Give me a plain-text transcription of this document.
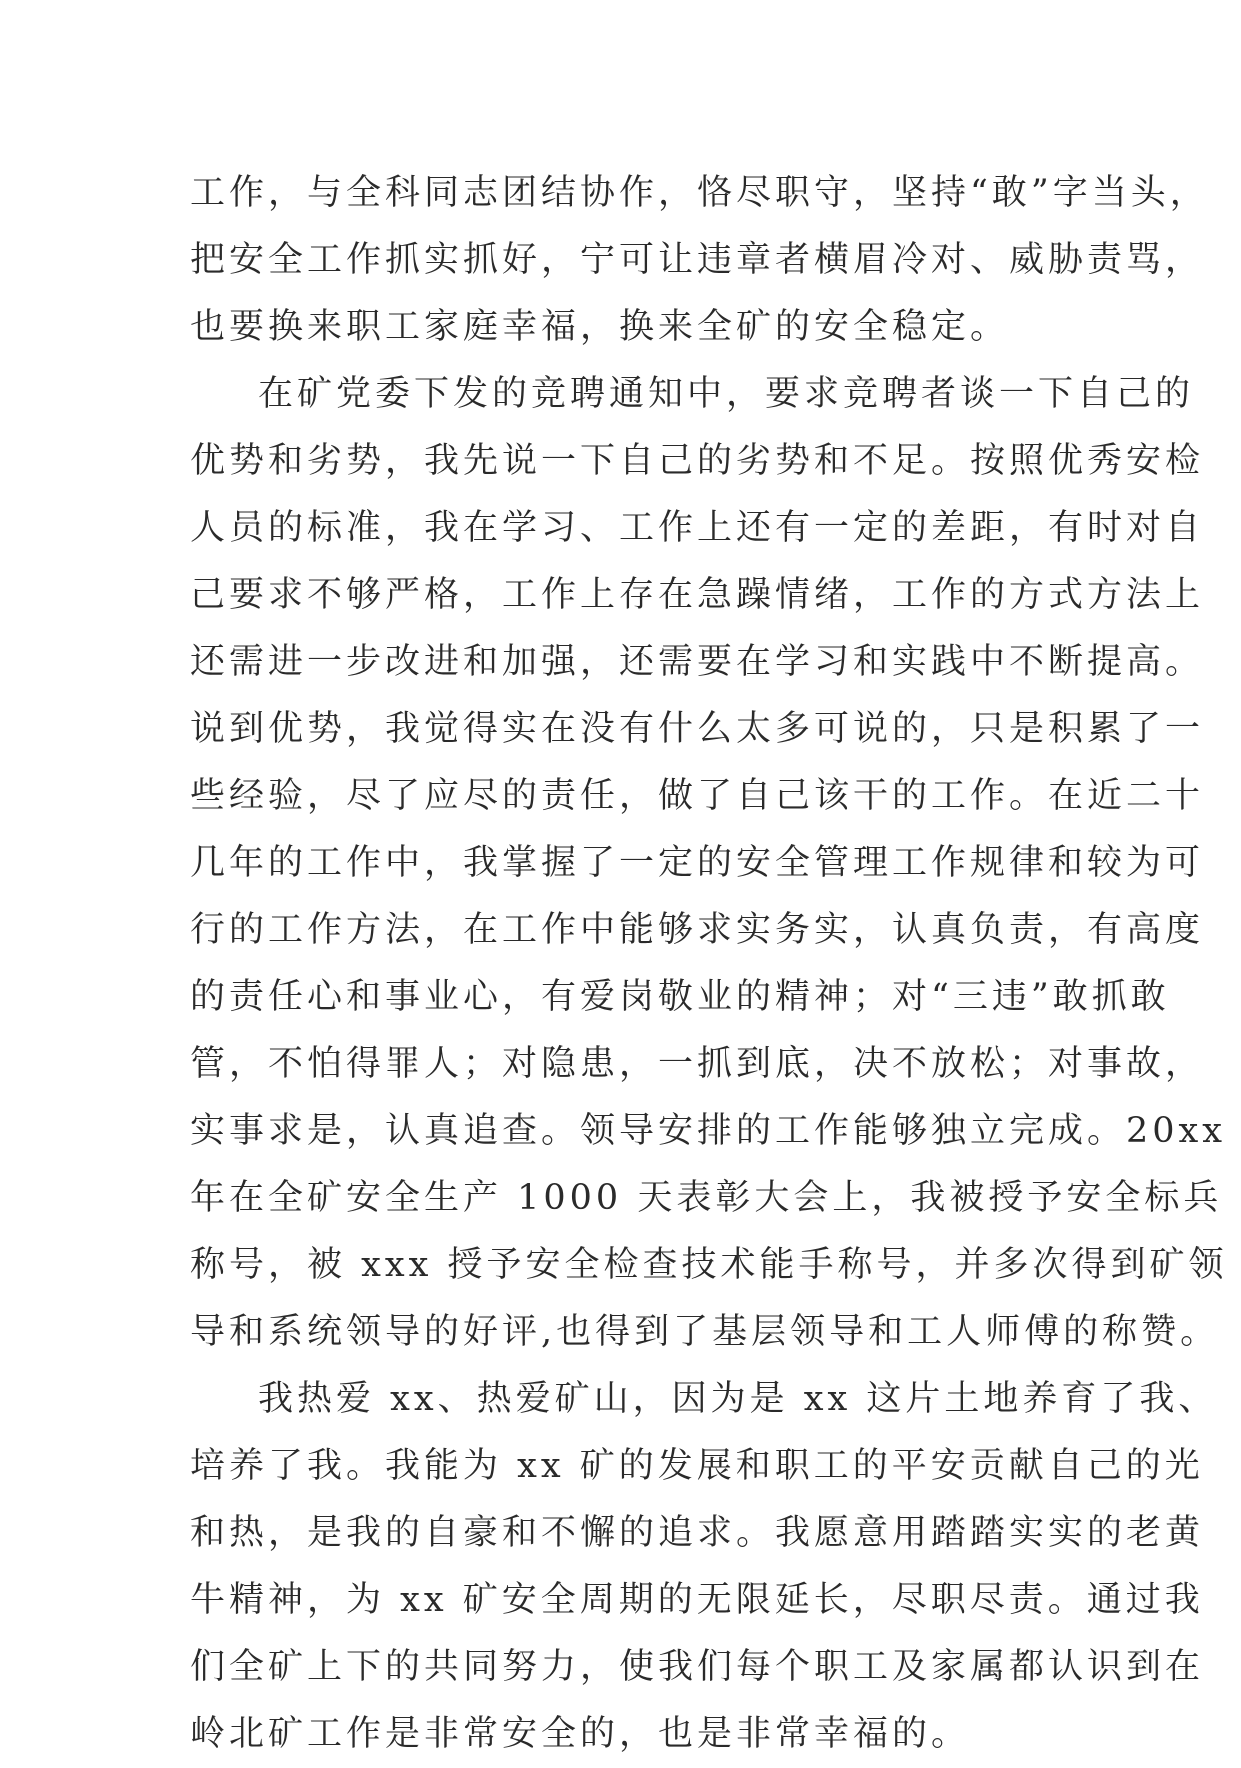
工作，与全科同志团结协作，恪尽职守，坚持“敢”字当头，
把安全工作抓实抓好，宁可让违章者横眉冷对、威胁责骂，
也要换来职工家庭幸福，换来全矿的安全稳定。
在矿党委下发的竞聘通知中，要求竞聘者谈一下自己的
优势和劣势，我先说一下自己的劣势和不足。按照优秀安检
人员的标准，我在学习、工作上还有一定的差距，有时对自
己要求不够严格，工作上存在急躁情绪，工作的方式方法上
还需进一步改进和加强，还需要在学习和实践中不断提高。
说到优势，我觉得实在没有什么太多可说的，只是积累了一
些经验，尽了应尽的责任，做了自己该干的工作。在近二十
几年的工作中，我掌握了一定的安全管理工作规律和较为可
行的工作方法，在工作中能够求实务实，认真负责，有高度
的责任心和事业心，有爱岗敬业的精神；对“三违”敢抓敢
管，不怕得罪人；对隐患，一抓到底，决不放松；对事故，
实事求是，认真追查。领导安排的工作能够独立完成。20xx
年在全矿安全生产 1000 天表彰大会上，我被授予安全标兵
称号，被 xxx 授予安全检查技术能手称号，并多次得到矿领
导和系统领导的好评,也得到了基层领导和工人师傅的称赞。
我热爱 xx、热爱矿山，因为是 xx 这片土地养育了我、
培养了我。我能为 xx 矿的发展和职工的平安贡献自己的光
和热，是我的自豪和不懈的追求。我愿意用踏踏实实的老黄
牛精神，为 xx 矿安全周期的无限延长，尽职尽责。通过我
们全矿上下的共同努力，使我们每个职工及家属都认识到在
岭北矿工作是非常安全的，也是非常幸福的。
